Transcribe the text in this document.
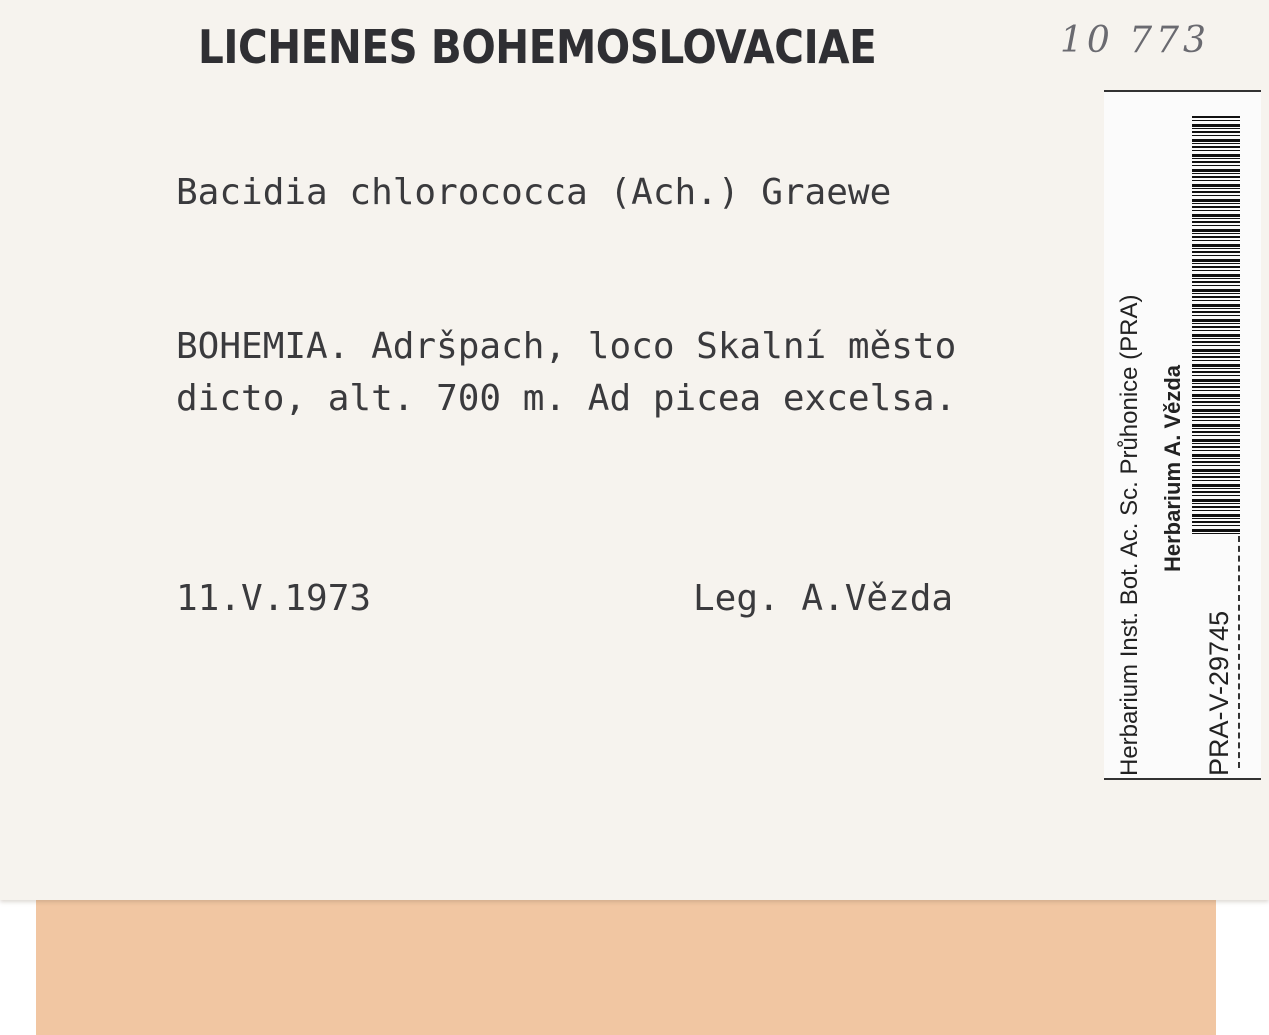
LICHENES BOHEMOSLOVACIAE	10 773
Bacidia chlorococca (Ach.) Graewe
BOHEMIA. Adršpach, loco Skalní město
dicto, alt. 700 m. Ad picea excelsa.
11.V.1973	Leg. A.Vězda	Herbarium Inst. Bot. Ac. Sc. Průhonice (PRA) Herbarium A. Vězda
PRA-V-29745
